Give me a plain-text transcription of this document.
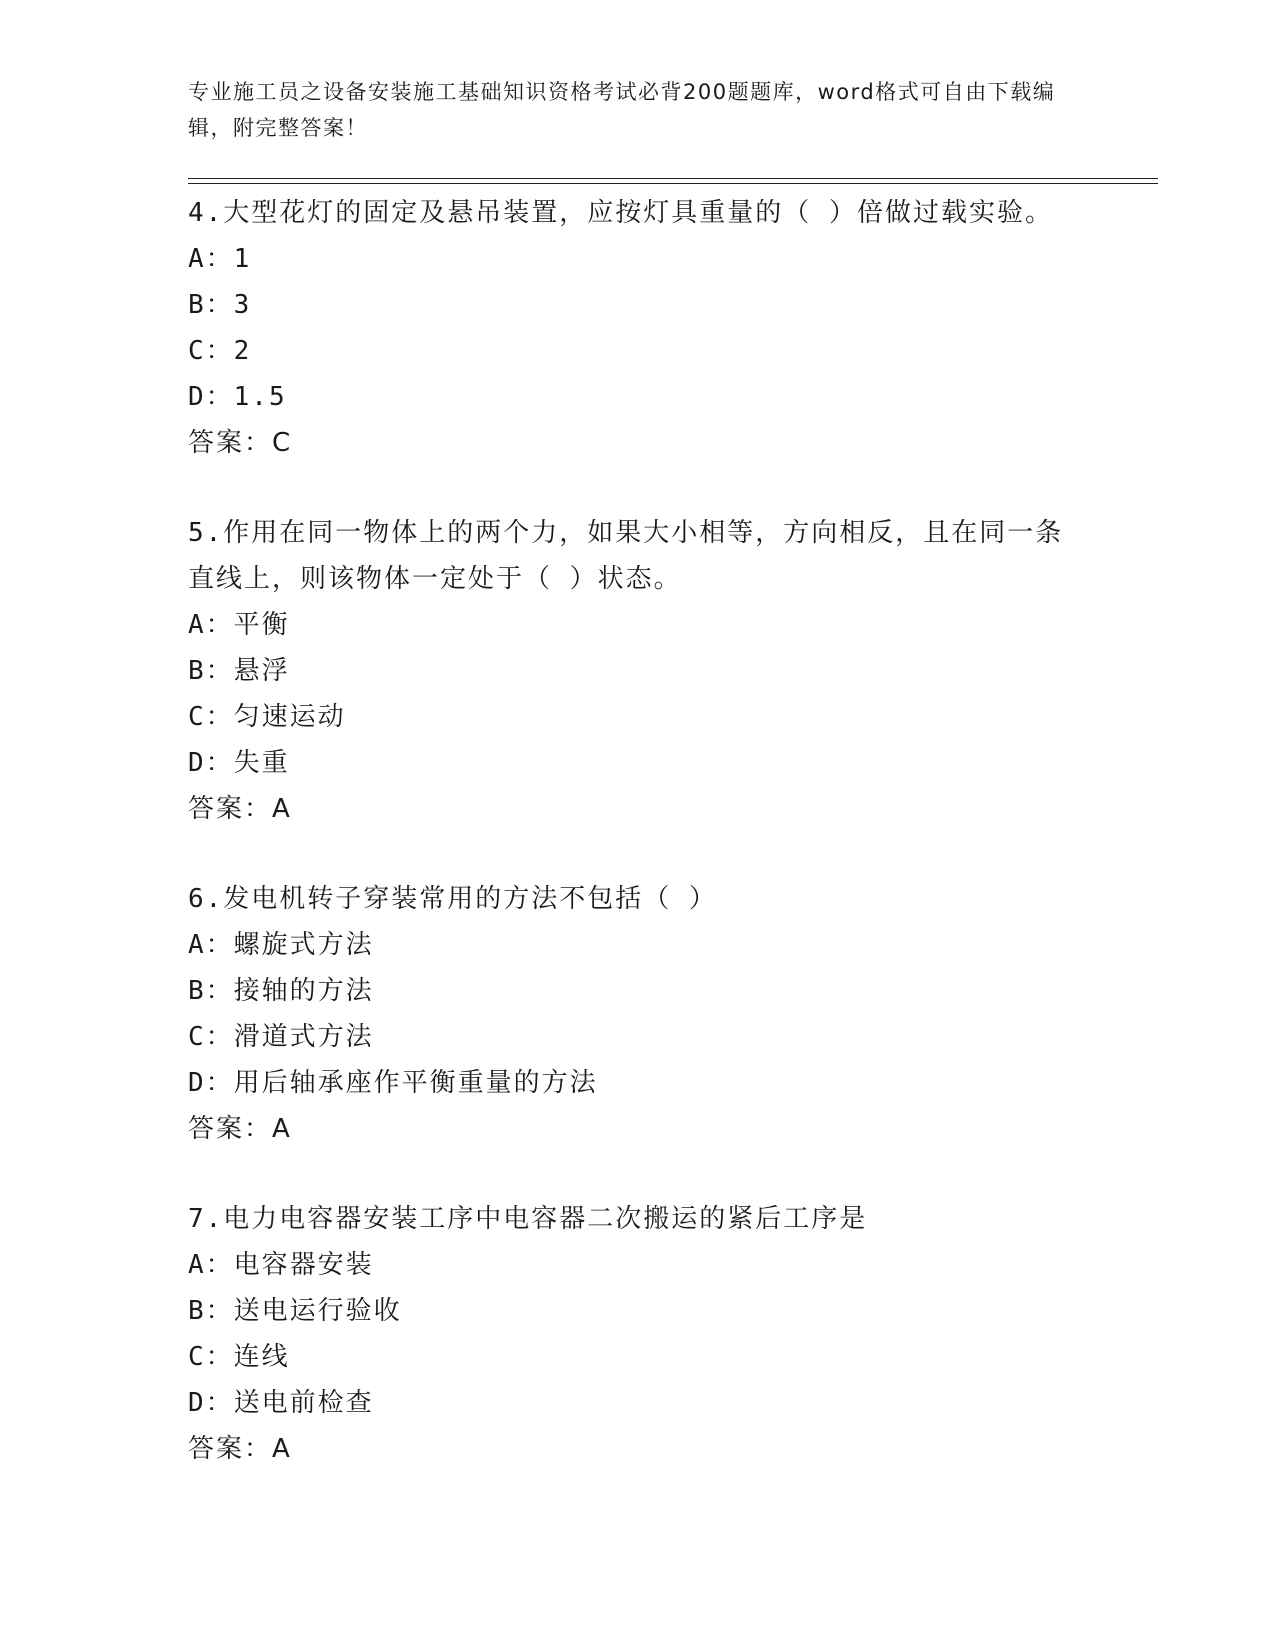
专业施工员之设备安装施工基础知识资格考试必背200题题库，word格式可自由下载编辑，附完整答案！

4.大型花灯的固定及悬吊装置，应按灯具重量的（ ）倍做过载实验。

A：1

B：3

C：2

D：1.5

答案：C

5.作用在同一物体上的两个力，如果大小相等，方向相反，且在同一条直线上，则该物体一定处于（ ）状态。

A：平衡

B：悬浮

C：匀速运动

D：失重

答案：A

6.发电机转子穿装常用的方法不包括（ ）

A：螺旋式方法

B：接轴的方法

C：滑道式方法

D：用后轴承座作平衡重量的方法

答案：A

7.电力电容器安装工序中电容器二次搬运的紧后工序是

A：电容器安装

B：送电运行验收

C：连线

D：送电前检查

答案：A
